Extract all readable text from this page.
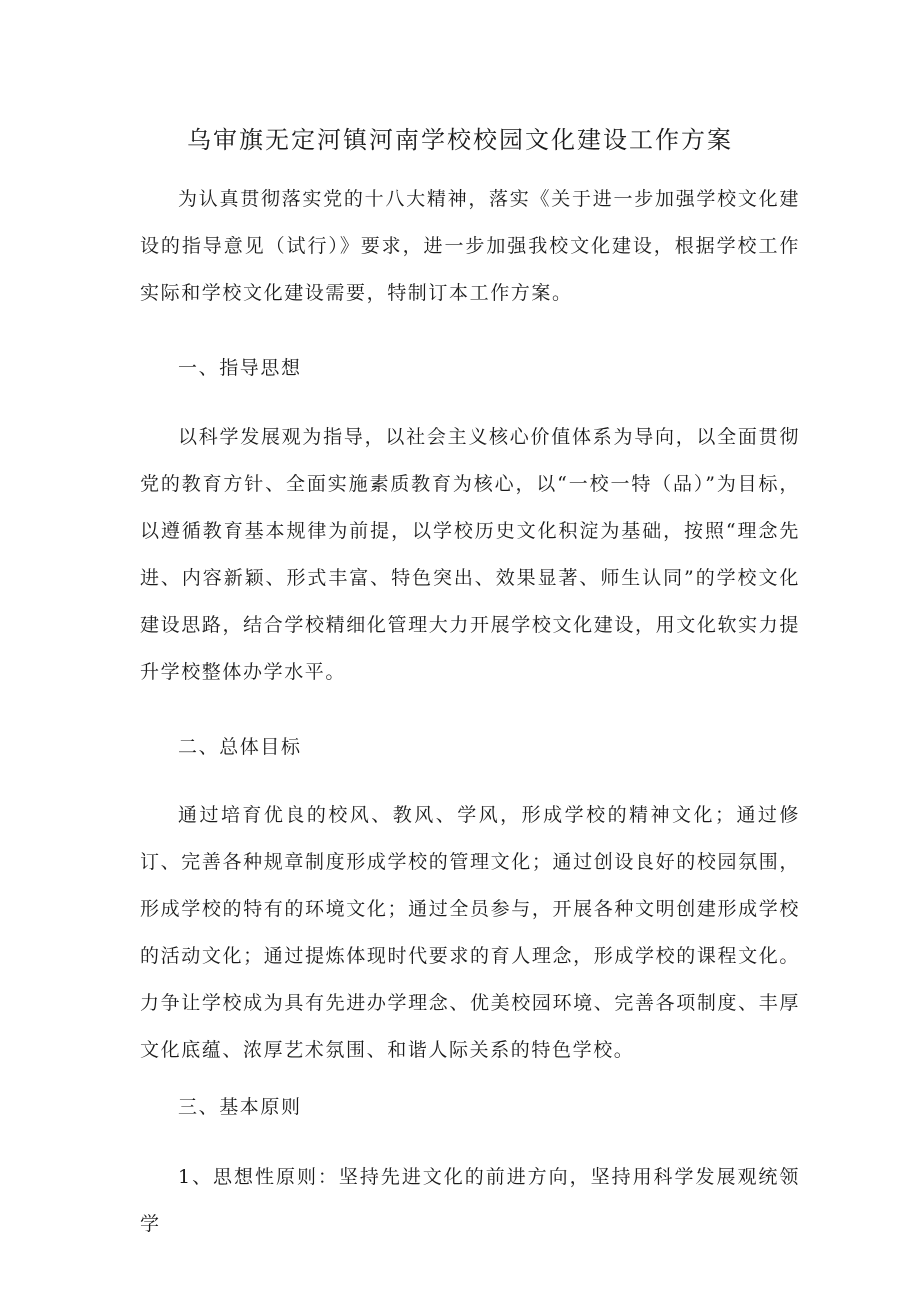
乌审旗无定河镇河南学校校园文化建设工作方案

为认真贯彻落实党的十八大精神，落实《关于进一步加强学校文化建设的指导意见（试行）》要求，进一步加强我校文化建设，根据学校工作实际和学校文化建设需要，特制订本工作方案。

一、指导思想

以科学发展观为指导，以社会主义核心价值体系为导向，以全面贯彻党的教育方针、全面实施素质教育为核心，以“一校一特（品）”为目标，以遵循教育基本规律为前提，以学校历史文化积淀为基础，按照“理念先进、内容新颖、形式丰富、特色突出、效果显著、师生认同”的学校文化建设思路，结合学校精细化管理大力开展学校文化建设，用文化软实力提升学校整体办学水平。

二、总体目标

通过培育优良的校风、教风、学风，形成学校的精神文化；通过修订、完善各种规章制度形成学校的管理文化；通过创设良好的校园氛围，形成学校的特有的环境文化；通过全员参与，开展各种文明创建形成学校的活动文化；通过提炼体现时代要求的育人理念，形成学校的课程文化。力争让学校成为具有先进办学理念、优美校园环境、完善各项制度、丰厚文化底蕴、浓厚艺术氛围、和谐人际关系的特色学校。

三、基本原则

1、思想性原则：坚持先进文化的前进方向，坚持用科学发展观统领学
